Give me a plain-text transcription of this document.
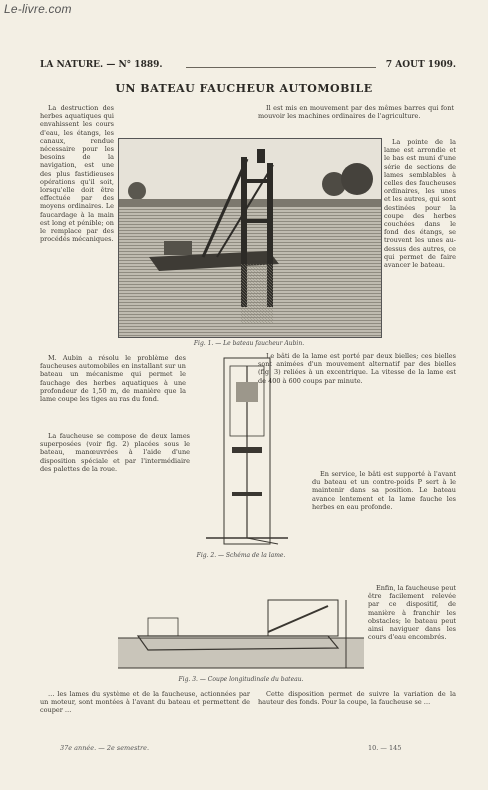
Le-livre.com
LA NATURE. — N° 1889.	7 AOUT 1909.
UN BATEAU FAUCHEUR AUTOMOBILE

La destruction des herbes aquatiques qui envahissent les cours d'eau, les étangs, les canaux, rendue nécessaire pour les besoins de la navigation, est une des plus fastidieuses opérations qu'il soit, lorsqu'elle doit être effectuée par des moyens ordinaires. Le faucardage à la main est long et pénible; on le remplace par des procédés mécaniques.

Il est mis en mouvement par des mêmes barres qui font mouvoir les machines ordinaires de l'agriculture.

Fig. 1. — Le bateau faucheur Aubin.

La pointe de la lame est arrondie et le bas est muni d'une série de sections de lames semblables à celles des faucheuses ordinaires, les unes et les autres, qui sont destinées pour la coupe des herbes couchées dans le fond des étangs, se trouvent les unes au-dessus des autres, ce qui permet de faire avancer le bateau.

M. Aubin a résolu le problème des faucheuses automobiles en installant sur un bateau un mécanisme qui permet le fauchage des herbes aquatiques à une profondeur de 1,50 m, de manière que la lame coupe les tiges au ras du fond.

Fig. 2. — Schéma de la lame.

Le bâti de la lame est porté par deux bielles; ces bielles sont animées d'un mouvement alternatif par des bielles (fig. 3) reliées à un excentrique. La vitesse de la lame est de 400 à 600 coups par minute.

La faucheuse se compose de deux lames superposées (voir fig. 2) placées sous le bateau, manœuvrées à l'aide d'une disposition spéciale et par l'intermédiaire des palettes de la roue.

En service, le bâti est supporté à l'avant du bateau et un contre-poids P sert à le maintenir dans sa position. Le bateau avance lentement et la lame fauche les herbes en eau profonde.

Fig. 3. — Coupe longitudinale du bateau.

Enfin, la faucheuse peut être facilement relevée par ce dispositif, de manière à franchir les obstacles; le bateau peut ainsi naviguer dans les cours d'eau encombrés.

… les lames du système et de la faucheuse, actionnées par un moteur, sont montées à l'avant du bateau et permettent de couper …

Cette disposition permet de suivre la variation de la hauteur des fonds. Pour la coupe, la faucheuse se …

37e année. — 2e semestre.	10. — 145
